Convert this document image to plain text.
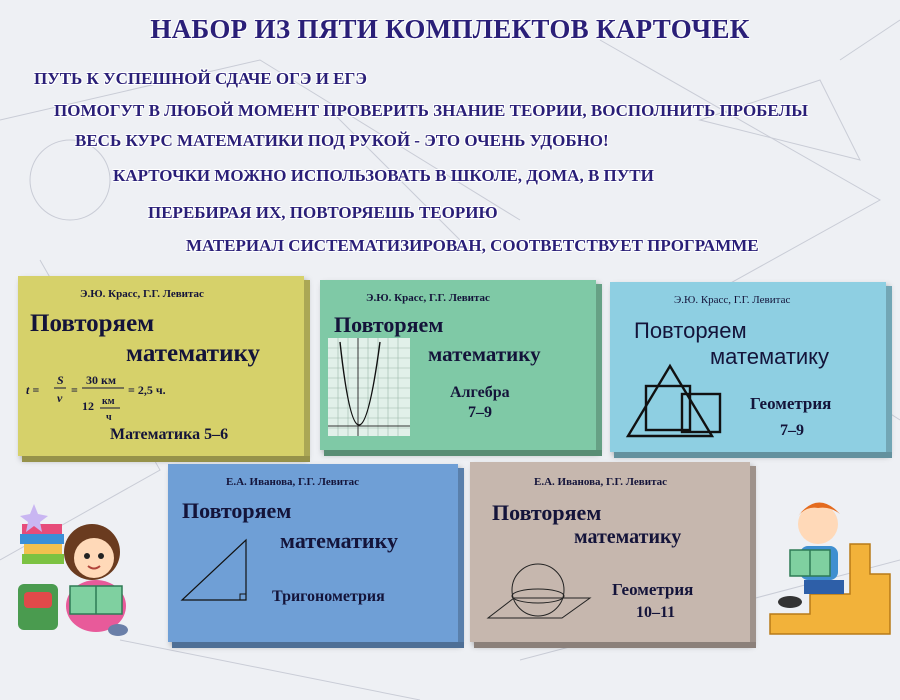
НАБОР ИЗ ПЯТИ КОМПЛЕКТОВ КАРТОЧЕК
ПУТЬ К УСПЕШНОЙ СДАЧЕ ОГЭ И ЕГЭ
ПОМОГУТ В ЛЮБОЙ МОМЕНТ ПРОВЕРИТЬ ЗНАНИЕ ТЕОРИИ, ВОСПОЛНИТЬ ПРОБЕЛЫ
ВЕСЬ КУРС МАТЕМАТИКИ ПОД РУКОЙ - ЭТО ОЧЕНЬ УДОБНО!
КАРТОЧКИ МОЖНО ИСПОЛЬЗОВАТЬ В ШКОЛЕ, ДОМА, В ПУТИ
ПЕРЕБИРАЯ ИХ, ПОВТОРЯЕШЬ ТЕОРИЮ
МАТЕРИАЛ СИСТЕМАТИЗИРОВАН, СООТВЕТСТВУЕТ ПРОГРАММЕ
Э.Ю. Красс, Г.Г. Левитас
Повторяем
математику
t =
S
v
=
30 км
12 км
ч
= 2,5 ч.
Математика 5–6
Э.Ю. Красс, Г.Г. Левитас
Повторяем
математику
Алгебра
7–9
Э.Ю. Красс, Г.Г. Левитас
Повторяем
математику
Геометрия
7–9
Е.А. Иванова, Г.Г. Левитас
Повторяем
математику
Тригонометрия
Е.А. Иванова, Г.Г. Левитас
Повторяем
математику
Геометрия
10–11
